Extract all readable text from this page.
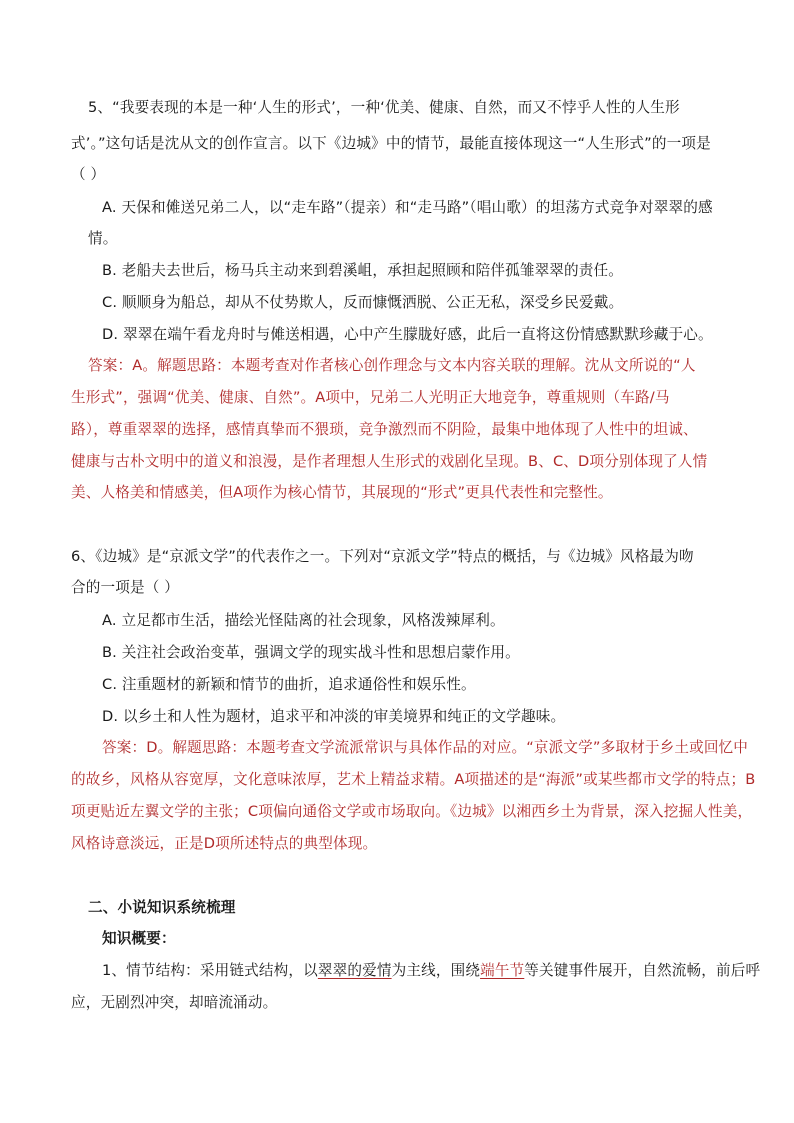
5、“我要表现的本是一种‘人生的形式’，一种‘优美、健康、自然，而又不悖乎人性的人生形
式’。”这句话是沈从文的创作宣言。以下《边城》中的情节，最能直接体现这一“人生形式”的一项是
（ ）
A. 天保和傩送兄弟二人，以“走车路”（提亲）和“走马路”（唱山歌）的坦荡方式竞争对翠翠的感
情。
B. 老船夫去世后，杨马兵主动来到碧溪岨，承担起照顾和陪伴孤雏翠翠的责任。
C. 顺顺身为船总，却从不仗势欺人，反而慷慨洒脱、公正无私，深受乡民爱戴。
D. 翠翠在端午看龙舟时与傩送相遇，心中产生朦胧好感，此后一直将这份情感默默珍藏于心。
答案：A。解题思路：本题考查对作者核心创作理念与文本内容关联的理解。沈从文所说的“人
生形式”，强调“优美、健康、自然”。A项中，兄弟二人光明正大地竞争，尊重规则（车路/马
路），尊重翠翠的选择，感情真挚而不猥琐，竞争激烈而不阴险，最集中地体现了人性中的坦诚、
健康与古朴文明中的道义和浪漫，是作者理想人生形式的戏剧化呈现。B、C、D项分别体现了人情
美、人格美和情感美，但A项作为核心情节，其展现的“形式”更具代表性和完整性。
6、《边城》是“京派文学”的代表作之一。下列对“京派文学”特点的概括，与《边城》风格最为吻
合的一项是（ ）
A. 立足都市生活，描绘光怪陆离的社会现象，风格泼辣犀利。
B. 关注社会政治变革，强调文学的现实战斗性和思想启蒙作用。
C. 注重题材的新颖和情节的曲折，追求通俗性和娱乐性。
D. 以乡土和人性为题材，追求平和冲淡的审美境界和纯正的文学趣味。
答案：D。解题思路：本题考查文学流派常识与具体作品的对应。“京派文学”多取材于乡土或回忆中
的故乡，风格从容宽厚，文化意味浓厚，艺术上精益求精。A项描述的是“海派”或某些都市文学的特点；B
项更贴近左翼文学的主张；C项偏向通俗文学或市场取向。《边城》以湘西乡土为背景，深入挖掘人性美，
风格诗意淡远，正是D项所述特点的典型体现。
二、小说知识系统梳理
知识概要：
1、情节结构：采用链式结构，以翠翠的爱情为主线，围绕端午节等关键事件展开，自然流畅，前后呼
应，无剧烈冲突，却暗流涌动。
